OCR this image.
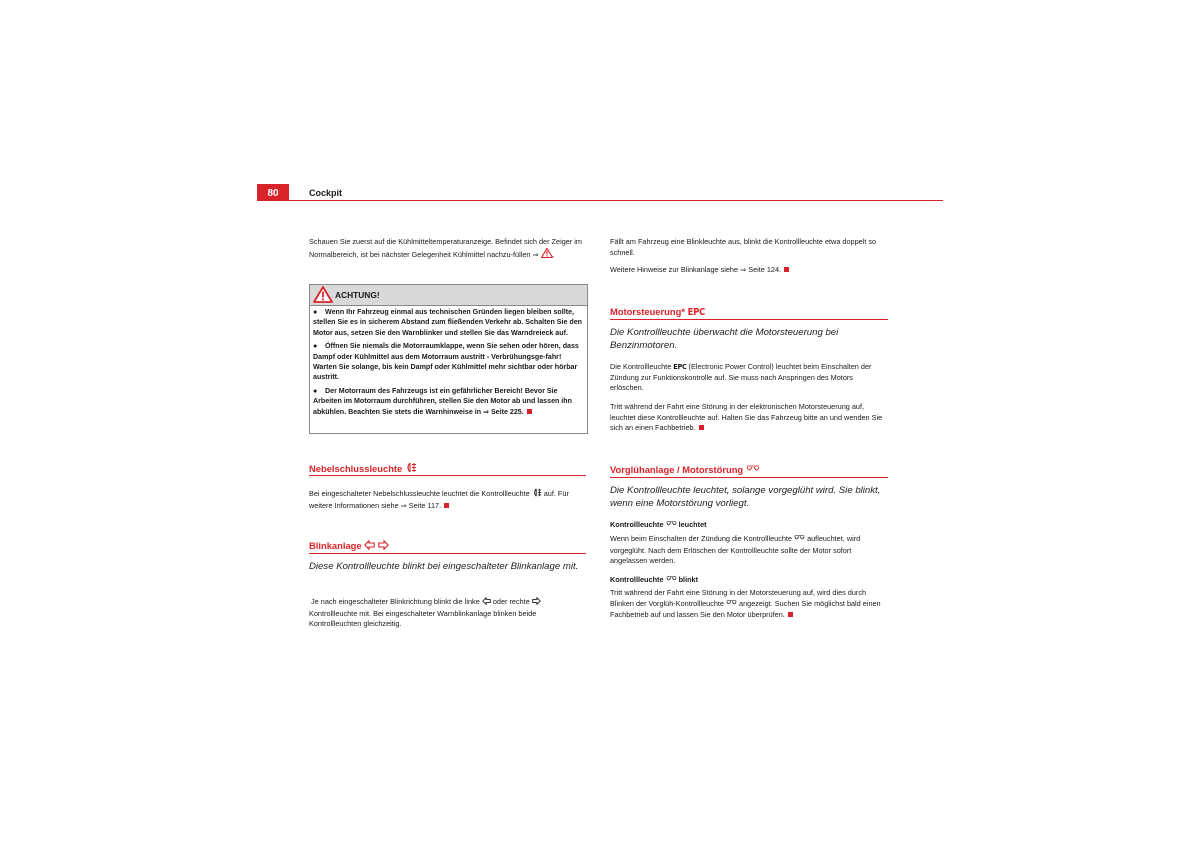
80	Cockpit
Schauen Sie zuerst auf die Kühlmitteltemperaturanzeige. Befindet sich der Zeiger im Normalbereich, ist bei nächster Gelegenheit Kühlmittel nachzu-füllen ⇒ .
ACHTUNG!

● Wenn Ihr Fahrzeug einmal aus technischen Gründen liegen bleiben sollte, stellen Sie es in sicherem Abstand zum fließenden Verkehr ab. Schalten Sie den Motor aus, setzen Sie den Warnblinker und stellen Sie das Warndreieck auf.

● Öffnen Sie niemals die Motorraumklappe, wenn Sie sehen oder hören, dass Dampf oder Kühlmittel aus dem Motorraum austritt - Verbrühungsge-fahr! Warten Sie solange, bis kein Dampf oder Kühlmittel mehr sichtbar oder hörbar austritt.

● Der Motorraum des Fahrzeugs ist ein gefährlicher Bereich! Bevor Sie Arbeiten im Motorraum durchführen, stellen Sie den Motor ab und lassen ihn abkühlen. Beachten Sie stets die Warnhinweise in ⇒ Seite 225.

Nebelschlussleuchte
Bei eingeschalteter Nebelschlussleuchte leuchtet die Kontrollleuchte auf. Für weitere Informationen siehe ⇒ Seite 117.
Blinkanlage
Diese Kontrollleuchte blinkt bei eingeschalteter Blinkanlage mit.
Je nach eingeschalteter Blinkrichtung blinkt die linke oder rechte  Kontrollleuchte mit. Bei eingeschalteter Warnblinkanlage blinken beide Kontrollleuchten gleichzeitig.
Fällt am Fahrzeug eine Blinkleuchte aus, blinkt die Kontrollleuchte etwa doppelt so schnell.
Weitere Hinweise zur Blinkanlage siehe ⇒ Seite 124.
Motorsteuerung* EPC
Die Kontrollleuchte überwacht die Motorsteuerung bei Benzinmotoren.
Die Kontrollleuchte EPC (Electronic Power Control) leuchtet beim Einschalten der Zündung zur Funktionskontrolle auf. Sie muss nach Anspringen des Motors erlöschen.
Tritt während der Fahrt eine Störung in der elektronischen Motorsteuerung auf, leuchtet diese Kontrollleuchte auf. Halten Sie das Fahrzeug bitte an und wenden Sie sich an einen Fachbetrieb.
Vorglühanlage / Motorstörung
Die Kontrollleuchte leuchtet, solange vorgeglüht wird. Sie blinkt, wenn eine Motorstörung vorliegt.
Kontrollleuchte leuchtet
Wenn beim Einschalten der Zündung die Kontrollleuchte aufleuchtet, wird vorgeglüht. Nach dem Erlöschen der Kontrollleuchte sollte der Motor sofort angelassen werden.
Kontrollleuchte blinkt
Tritt während der Fahrt eine Störung in der Motorsteuerung auf, wird dies durch Blinken der Vorglüh-Kontrollleuchte angezeigt. Suchen Sie möglichst bald einen Fachbetrieb auf und lassen Sie den Motor überprüfen.
